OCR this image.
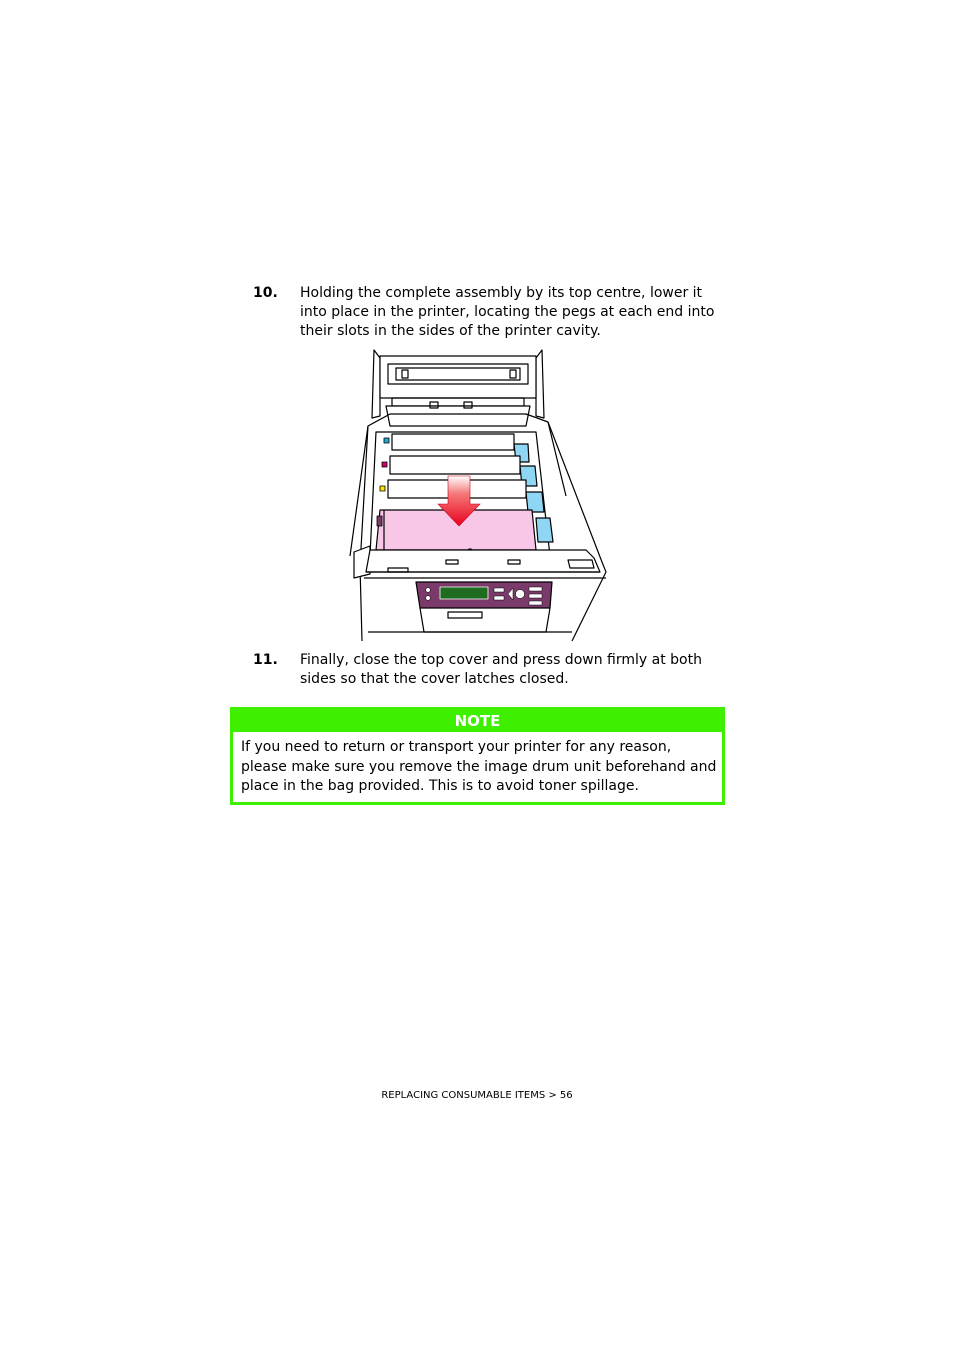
10. Holding the complete assembly by its top centre, lower it into place in the printer, locating the pegs at each end into their slots in the sides of the printer cavity.
11. Finally, close the top cover and press down firmly at both sides so that the cover latches closed.
NOTE
If you need to return or transport your printer for any reason, please make sure you remove the image drum unit beforehand and place in the bag provided. This is to avoid toner spillage.
REPLACING CONSUMABLE ITEMS > 56
